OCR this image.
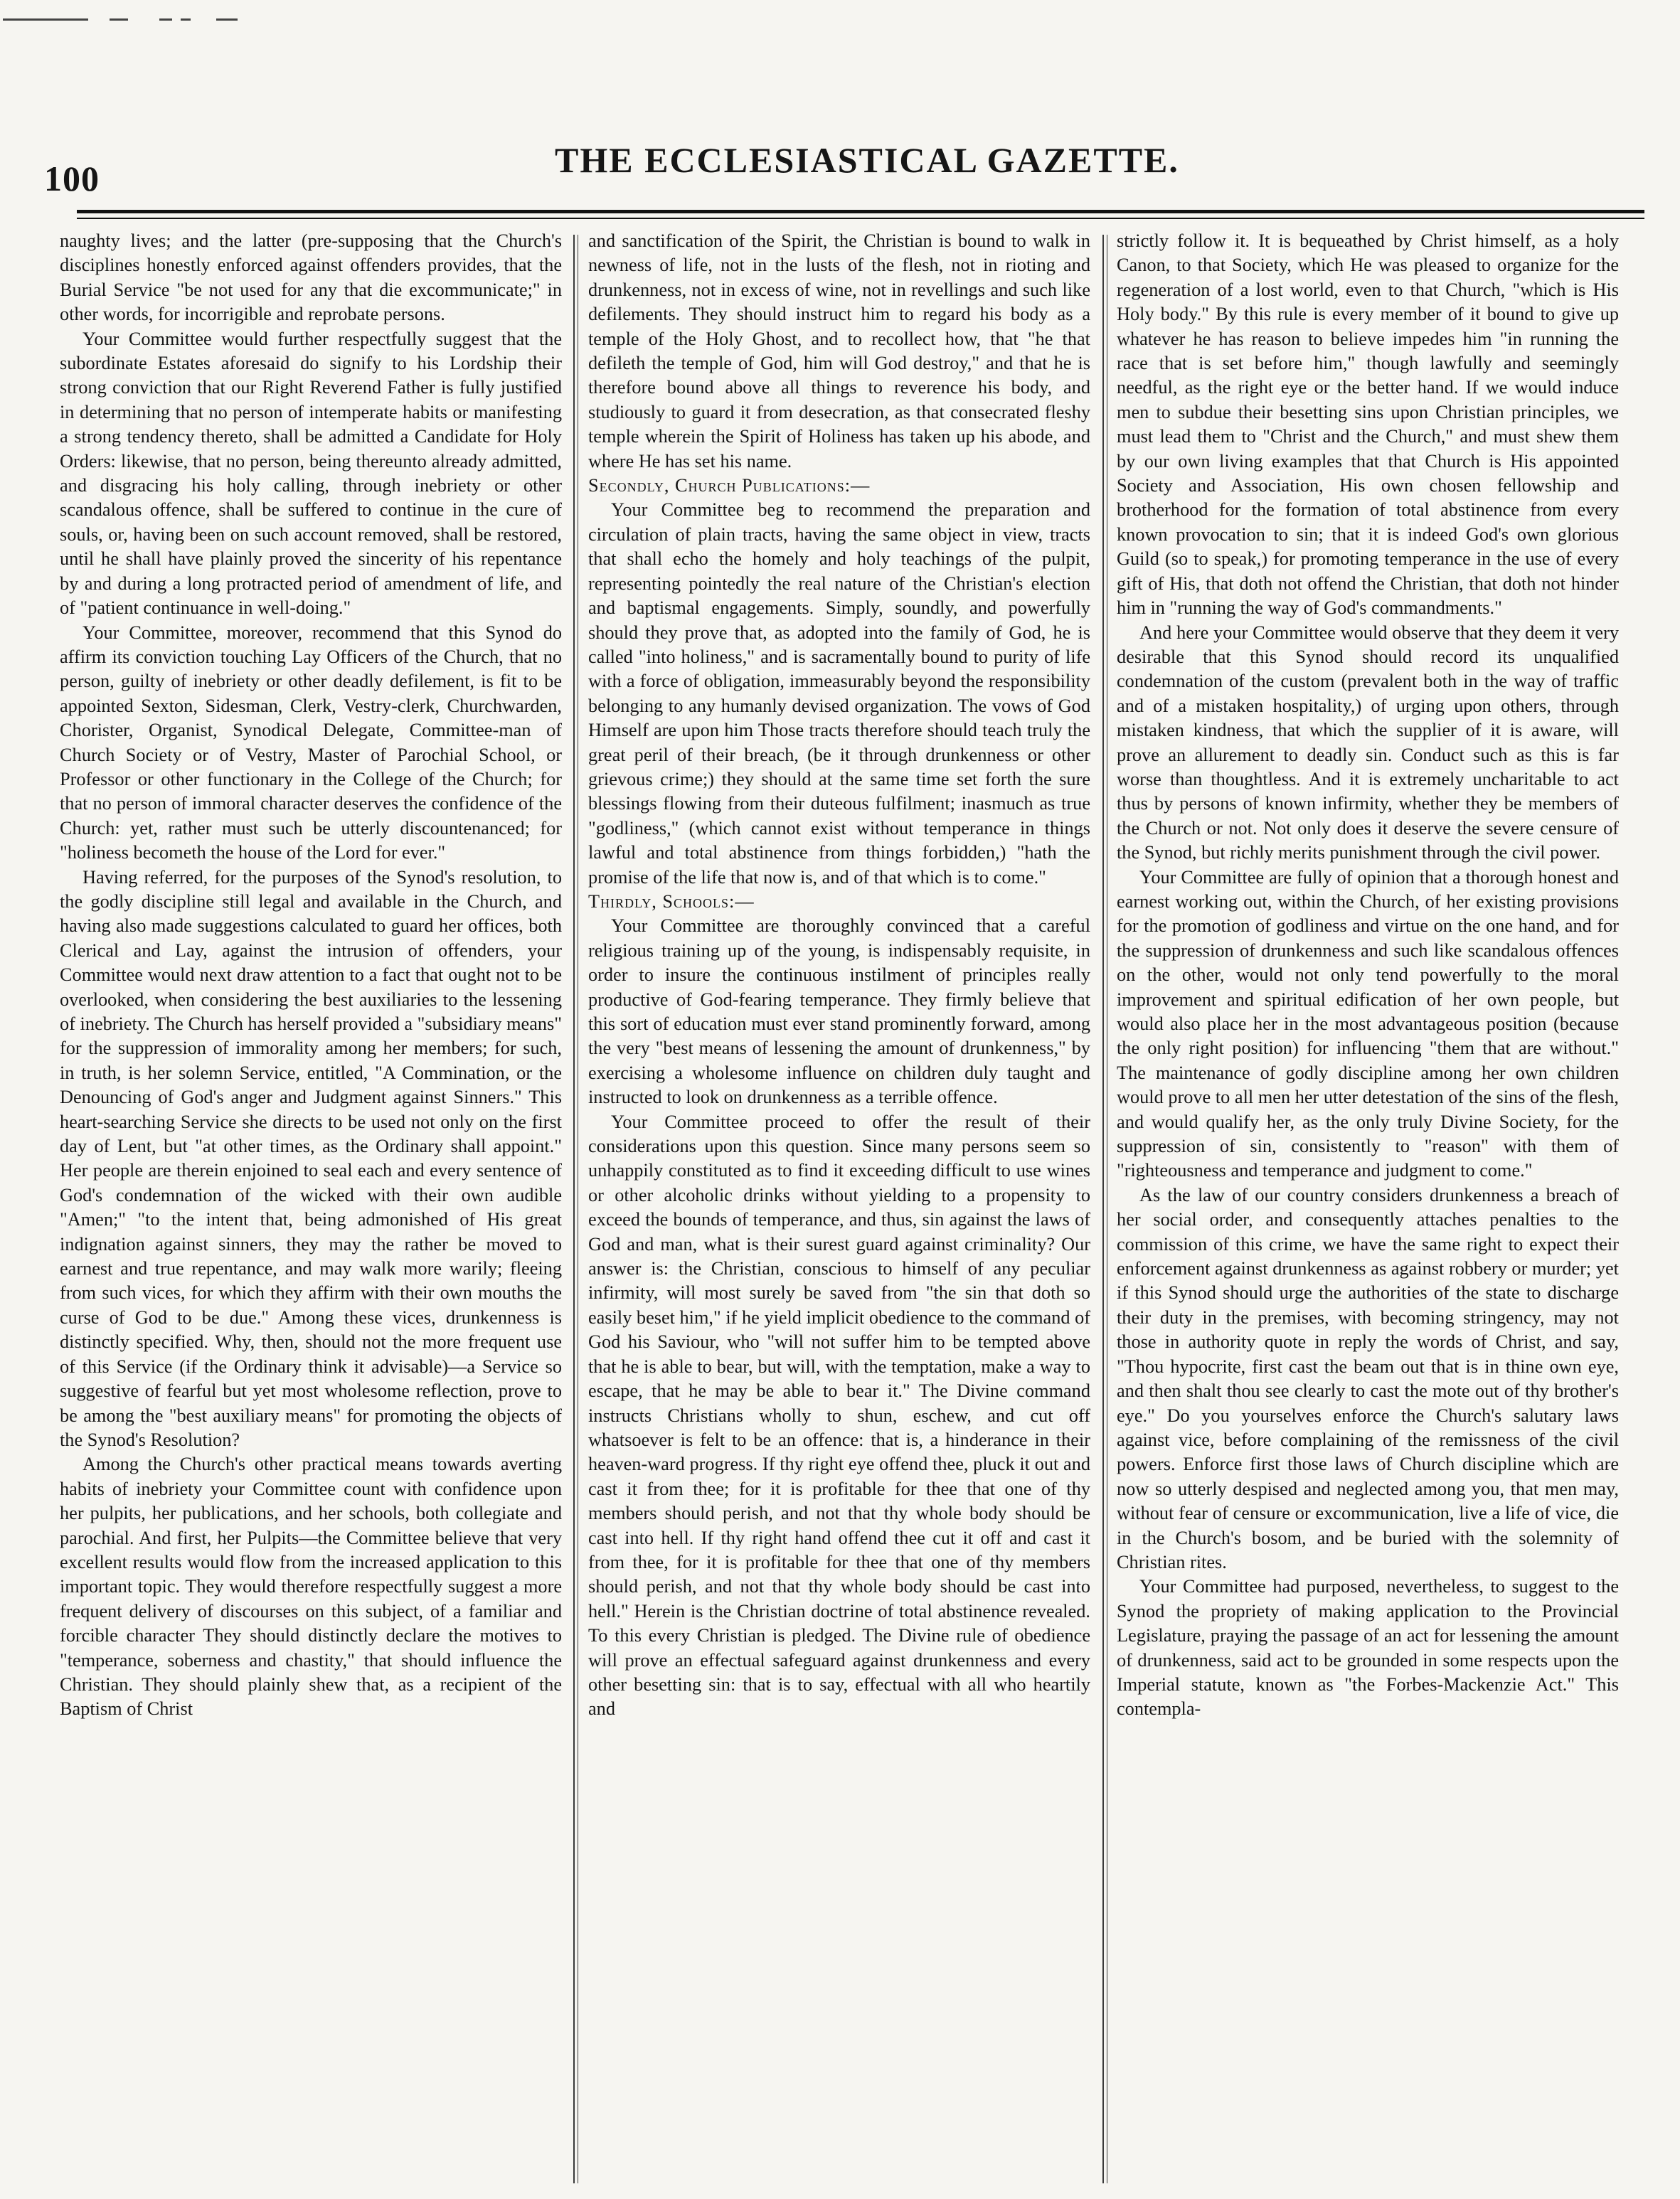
100	THE ECCLESIASTICAL GAZETTE.

naughty lives; and the latter (pre-supposing that the Church's disciplines honestly enforced against offenders provides, that the Burial Service "be not used for any that die excommunicate;" in other words, for incorrigible and reprobate persons.

Your Committee would further respectfully suggest that the subordinate Estates aforesaid do signify to his Lordship their strong conviction that our Right Reverend Father is fully justified in determining that no person of intemperate habits or manifesting a strong tendency thereto, shall be admitted a Candidate for Holy Orders: likewise, that no person, being thereunto already admitted, and disgracing his holy calling, through inebriety or other scandalous offence, shall be suffered to continue in the cure of souls, or, having been on such account removed, shall be restored, until he shall have plainly proved the sincerity of his repentance by and during a long protracted period of amendment of life, and of "patient continuance in well-doing."

Your Committee, moreover, recommend that this Synod do affirm its conviction touching Lay Officers of the Church, that no person, guilty of inebriety or other deadly defilement, is fit to be appointed Sexton, Sidesman, Clerk, Vestry-clerk, Churchwarden, Chorister, Organist, Synodical Delegate, Committee-man of Church Society or of Vestry, Master of Parochial School, or Professor or other functionary in the College of the Church; for that no person of immoral character deserves the confidence of the Church: yet, rather must such be utterly discountenanced; for "holiness becometh the house of the Lord for ever."

Having referred, for the purposes of the Synod's resolution, to the godly discipline still legal and available in the Church, and having also made suggestions calculated to guard her offices, both Clerical and Lay, against the intrusion of offenders, your Committee would next draw attention to a fact that ought not to be overlooked, when considering the best auxiliaries to the lessening of inebriety. The Church has herself provided a "subsidiary means" for the suppression of immorality among her members; for such, in truth, is her solemn Service, entitled, "A Commination, or the Denouncing of God's anger and Judgment against Sinners." This heart-searching Service she directs to be used not only on the first day of Lent, but "at other times, as the Ordinary shall appoint." Her people are therein enjoined to seal each and every sentence of God's condemnation of the wicked with their own audible "Amen;" "to the intent that, being admonished of His great indignation against sinners, they may the rather be moved to earnest and true repentance, and may walk more warily; fleeing from such vices, for which they affirm with their own mouths the curse of God to be due." Among these vices, drunkenness is distinctly specified. Why, then, should not the more frequent use of this Service (if the Ordinary think it advisable)—a Service so suggestive of fearful but yet most wholesome reflection, prove to be among the "best auxiliary means" for promoting the objects of the Synod's Resolution?

Among the Church's other practical means towards averting habits of inebriety your Committee count with confidence upon her pulpits, her publications, and her schools, both collegiate and parochial. And first, her Pulpits—the Committee believe that very excellent results would flow from the increased application to this important topic. They would therefore respectfully suggest a more frequent delivery of discourses on this subject, of a familiar and forcible character They should distinctly declare the motives to "temperance, soberness and chastity," that should influence the Christian. They should plainly shew that, as a recipient of the Baptism of Christ

and sanctification of the Spirit, the Christian is bound to walk in newness of life, not in the lusts of the flesh, not in rioting and drunkenness, not in excess of wine, not in revellings and such like defilements. They should instruct him to regard his body as a temple of the Holy Ghost, and to recollect how, that "he that defileth the temple of God, him will God destroy," and that he is therefore bound above all things to reverence his body, and studiously to guard it from desecration, as that consecrated fleshy temple wherein the Spirit of Holiness has taken up his abode, and where He has set his name.

Secondly, Church Publications:—

Your Committee beg to recommend the preparation and circulation of plain tracts, having the same object in view, tracts that shall echo the homely and holy teachings of the pulpit, representing pointedly the real nature of the Christian's election and baptismal engagements. Simply, soundly, and powerfully should they prove that, as adopted into the family of God, he is called "into holiness," and is sacramentally bound to purity of life with a force of obligation, immeasurably beyond the responsibility belonging to any humanly devised organization. The vows of God Himself are upon him Those tracts therefore should teach truly the great peril of their breach, (be it through drunkenness or other grievous crime;) they should at the same time set forth the sure blessings flowing from their duteous fulfilment; inasmuch as true "godliness," (which cannot exist without temperance in things lawful and total abstinence from things forbidden,) "hath the promise of the life that now is, and of that which is to come."

Thirdly, Schools:—

Your Committee are thoroughly convinced that a careful religious training up of the young, is indispensably requisite, in order to insure the continuous instilment of principles really productive of God-fearing temperance. They firmly believe that this sort of education must ever stand prominently forward, among the very "best means of lessening the amount of drunkenness," by exercising a wholesome influence on children duly taught and instructed to look on drunkenness as a terrible offence.

Your Committee proceed to offer the result of their considerations upon this question. Since many persons seem so unhappily constituted as to find it exceeding difficult to use wines or other alcoholic drinks without yielding to a propensity to exceed the bounds of temperance, and thus, sin against the laws of God and man, what is their surest guard against criminality? Our answer is: the Christian, conscious to himself of any peculiar infirmity, will most surely be saved from "the sin that doth so easily beset him," if he yield implicit obedience to the command of God his Saviour, who "will not suffer him to be tempted above that he is able to bear, but will, with the temptation, make a way to escape, that he may be able to bear it." The Divine command instructs Christians wholly to shun, eschew, and cut off whatsoever is felt to be an offence: that is, a hinderance in their heaven-ward progress. If thy right eye offend thee, pluck it out and cast it from thee; for it is profitable for thee that one of thy members should perish, and not that thy whole body should be cast into hell. If thy right hand offend thee cut it off and cast it from thee, for it is profitable for thee that one of thy members should perish, and not that thy whole body should be cast into hell." Herein is the Christian doctrine of total abstinence revealed. To this every Christian is pledged. The Divine rule of obedience will prove an effectual safeguard against drunkenness and every other besetting sin: that is to say, effectual with all who heartily and

strictly follow it. It is bequeathed by Christ himself, as a holy Canon, to that Society, which He was pleased to organize for the regeneration of a lost world, even to that Church, "which is His Holy body." By this rule is every member of it bound to give up whatever he has reason to believe impedes him "in running the race that is set before him," though lawfully and seemingly needful, as the right eye or the better hand. If we would induce men to subdue their besetting sins upon Christian principles, we must lead them to "Christ and the Church," and must shew them by our own living examples that that Church is His appointed Society and Association, His own chosen fellowship and brotherhood for the formation of total abstinence from every known provocation to sin; that it is indeed God's own glorious Guild (so to speak,) for promoting temperance in the use of every gift of His, that doth not offend the Christian, that doth not hinder him in "running the way of God's commandments."

And here your Committee would observe that they deem it very desirable that this Synod should record its unqualified condemnation of the custom (prevalent both in the way of traffic and of a mistaken hospitality,) of urging upon others, through mistaken kindness, that which the supplier of it is aware, will prove an allurement to deadly sin. Conduct such as this is far worse than thoughtless. And it is extremely uncharitable to act thus by persons of known infirmity, whether they be members of the Church or not. Not only does it deserve the severe censure of the Synod, but richly merits punishment through the civil power.

Your Committee are fully of opinion that a thorough honest and earnest working out, within the Church, of her existing provisions for the promotion of godliness and virtue on the one hand, and for the suppression of drunkenness and such like scandalous offences on the other, would not only tend powerfully to the moral improvement and spiritual edification of her own people, but would also place her in the most advantageous position (because the only right position) for influencing "them that are without." The maintenance of godly discipline among her own children would prove to all men her utter detestation of the sins of the flesh, and would qualify her, as the only truly Divine Society, for the suppression of sin, consistently to "reason" with them of "righteousness and temperance and judgment to come."

As the law of our country considers drunkenness a breach of her social order, and consequently attaches penalties to the commission of this crime, we have the same right to expect their enforcement against drunkenness as against robbery or murder; yet if this Synod should urge the authorities of the state to discharge their duty in the premises, with becoming stringency, may not those in authority quote in reply the words of Christ, and say, "Thou hypocrite, first cast the beam out that is in thine own eye, and then shalt thou see clearly to cast the mote out of thy brother's eye." Do you yourselves enforce the Church's salutary laws against vice, before complaining of the remissness of the civil powers. Enforce first those laws of Church discipline which are now so utterly despised and neglected among you, that men may, without fear of censure or excommunication, live a life of vice, die in the Church's bosom, and be buried with the solemnity of Christian rites.

Your Committee had purposed, nevertheless, to suggest to the Synod the propriety of making application to the Provincial Legislature, praying the passage of an act for lessening the amount of drunkenness, said act to be grounded in some respects upon the Imperial statute, known as "the Forbes-Mackenzie Act." This contempla-
